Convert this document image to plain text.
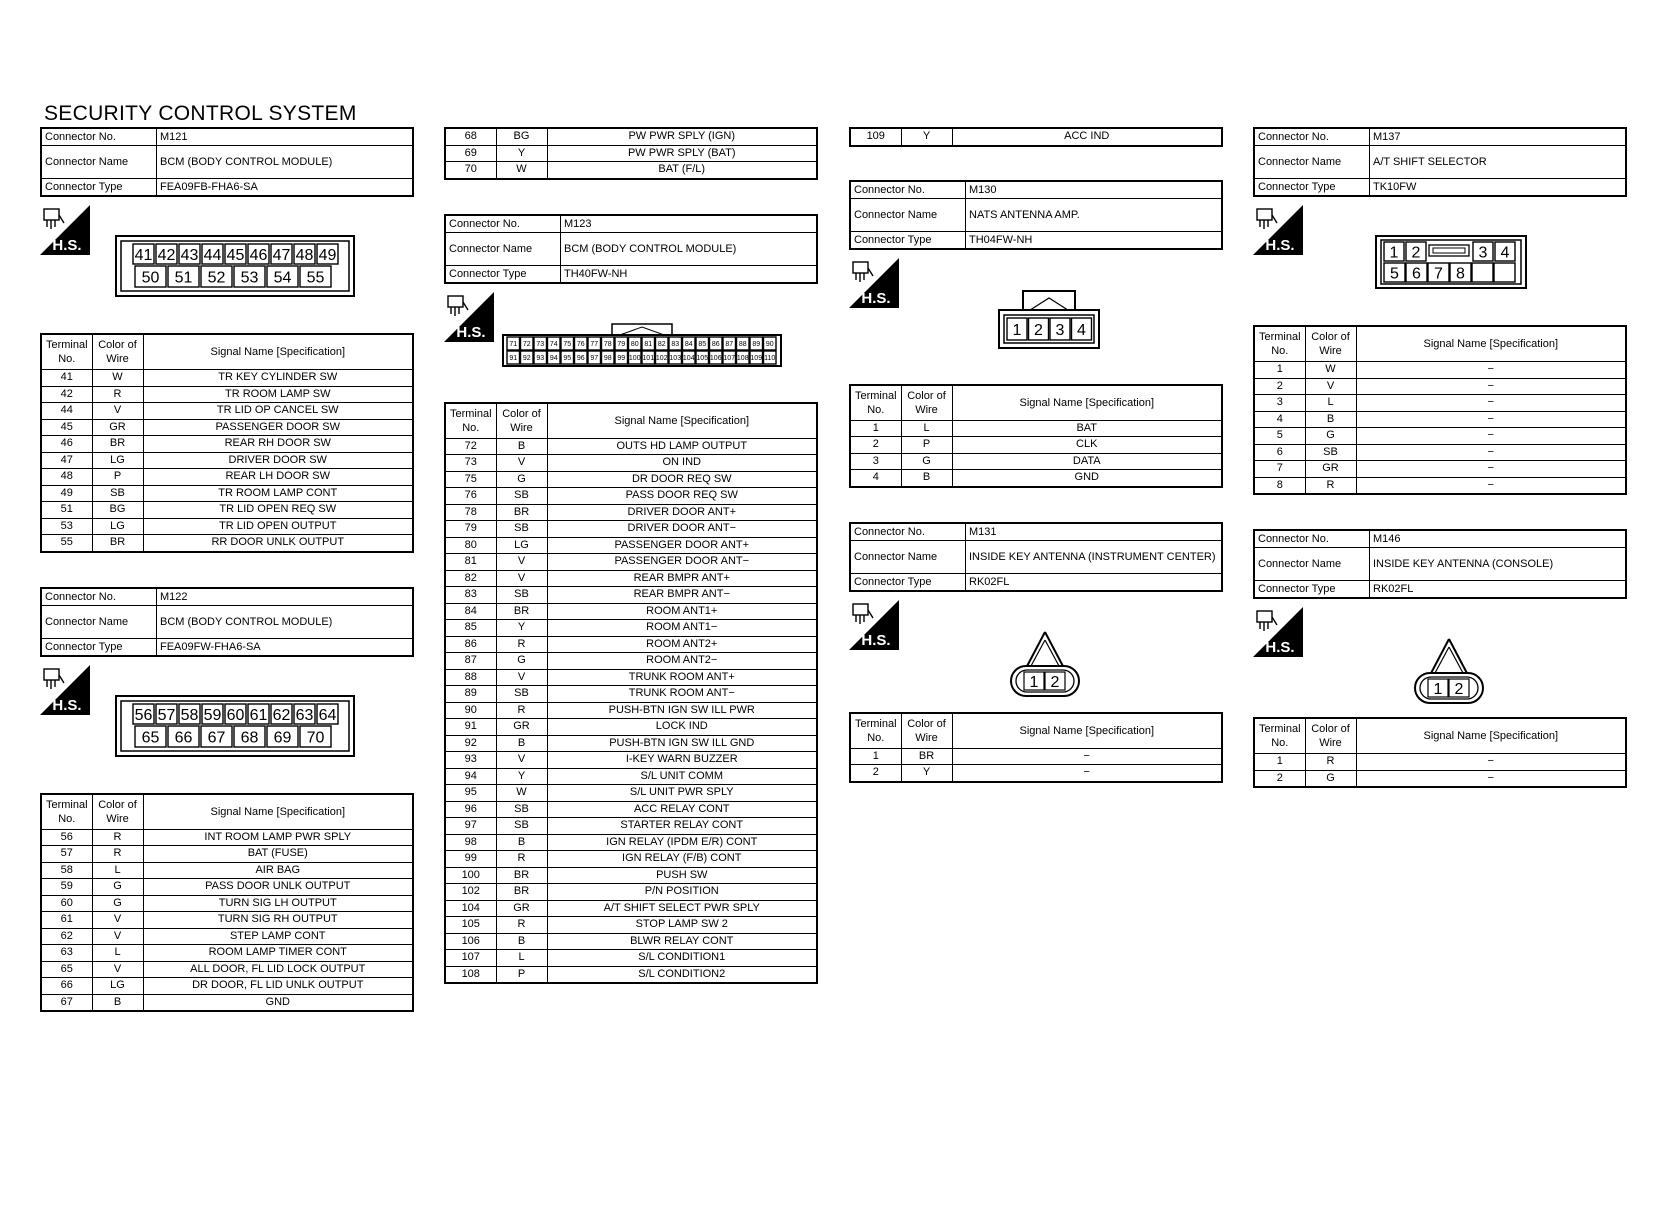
SECURITY CONTROL SYSTEM
Connector No.	M121
Connector Name	BCM (BODY CONTROL MODULE)
Connector Type	FEA09FB-FHA6-SA
H.S.
41 42 43 44 45 46 47 48 49
50 51 52 53 54 55
Terminal No.	Color of Wire	Signal Name [Specification]
41	W	TR KEY CYLINDER SW
42	R	TR ROOM LAMP SW
44	V	TR LID OP CANCEL SW
45	GR	PASSENGER DOOR SW
46	BR	REAR RH DOOR SW
47	LG	DRIVER DOOR SW
48	P	REAR LH DOOR SW
49	SB	TR ROOM LAMP CONT
51	BG	TR LID OPEN REQ SW
53	LG	TR LID OPEN OUTPUT
55	BR	RR DOOR UNLK OUTPUT
Connector No.	M122
Connector Name	BCM (BODY CONTROL MODULE)
Connector Type	FEA09FW-FHA6-SA
H.S.
56 57 58 59 60 61 62 63 64
65 66 67 68 69 70
Terminal No.	Color of Wire	Signal Name [Specification]
56	R	INT ROOM LAMP PWR SPLY
57	R	BAT (FUSE)
58	L	AIR BAG
59	G	PASS DOOR UNLK OUTPUT
60	G	TURN SIG LH OUTPUT
61	V	TURN SIG RH OUTPUT
62	V	STEP LAMP CONT
63	L	ROOM LAMP TIMER CONT
65	V	ALL DOOR, FL LID LOCK OUTPUT
66	LG	DR DOOR, FL LID UNLK OUTPUT
67	B	GND
68	BG	PW PWR SPLY (IGN)
69	Y	PW PWR SPLY (BAT)
70	W	BAT (F/L)
Connector No.	M123
Connector Name	BCM (BODY CONTROL MODULE)
Connector Type	TH40FW-NH
H.S.
71 72 73 74 75 76 77 78 79 80 81 82 83 84 85 86 87 88 89 90
91 92 93 94 95 96 97 98 99 100 101 102 103 104 105 106 107 108 109 110
Terminal No.	Color of Wire	Signal Name [Specification]
72	B	OUTS HD LAMP OUTPUT
73	V	ON IND
75	G	DR DOOR REQ SW
76	SB	PASS DOOR REQ SW
78	BR	DRIVER DOOR ANT+
79	SB	DRIVER DOOR ANT−
80	LG	PASSENGER DOOR ANT+
81	V	PASSENGER DOOR ANT−
82	V	REAR BMPR ANT+
83	SB	REAR BMPR ANT−
84	BR	ROOM ANT1+
85	Y	ROOM ANT1−
86	R	ROOM ANT2+
87	G	ROOM ANT2−
88	V	TRUNK ROOM ANT+
89	SB	TRUNK ROOM ANT−
90	R	PUSH-BTN IGN SW ILL PWR
91	GR	LOCK IND
92	B	PUSH-BTN IGN SW ILL GND
93	V	I-KEY WARN BUZZER
94	Y	S/L UNIT COMM
95	W	S/L UNIT PWR SPLY
96	SB	ACC RELAY CONT
97	SB	STARTER RELAY CONT
98	B	IGN RELAY (IPDM E/R) CONT
99	R	IGN RELAY (F/B) CONT
100	BR	PUSH SW
102	BR	P/N POSITION
104	GR	A/T SHIFT SELECT PWR SPLY
105	R	STOP LAMP SW 2
106	B	BLWR RELAY CONT
107	L	S/L CONDITION1
108	P	S/L CONDITION2
109	Y	ACC IND
Connector No.	M130
Connector Name	NATS ANTENNA AMP.
Connector Type	TH04FW-NH
H.S.
1 2 3 4
Terminal No.	Color of Wire	Signal Name [Specification]
1	L	BAT
2	P	CLK
3	G	DATA
4	B	GND
Connector No.	M131
Connector Name	INSIDE KEY ANTENNA (INSTRUMENT CENTER)
Connector Type	RK02FL
H.S.
1 2
Terminal No.	Color of Wire	Signal Name [Specification]
1	BR	−
2	Y	−
Connector No.	M137
Connector Name	A/T SHIFT SELECTOR
Connector Type	TK10FW
H.S.	1 2	3 4
5 6 7 8
Terminal No.	Color of Wire	Signal Name [Specification]
1	W	−
2	V	−
3	L	−
4	B	−
5	G	−
6	SB	−
7	GR	−
8	R	−
Connector No.	M146
Connector Name	INSIDE KEY ANTENNA (CONSOLE)
Connector Type	RK02FL
H.S.
1 2
Terminal No.	Color of Wire	Signal Name [Specification]
1	R	−
2	G	−
